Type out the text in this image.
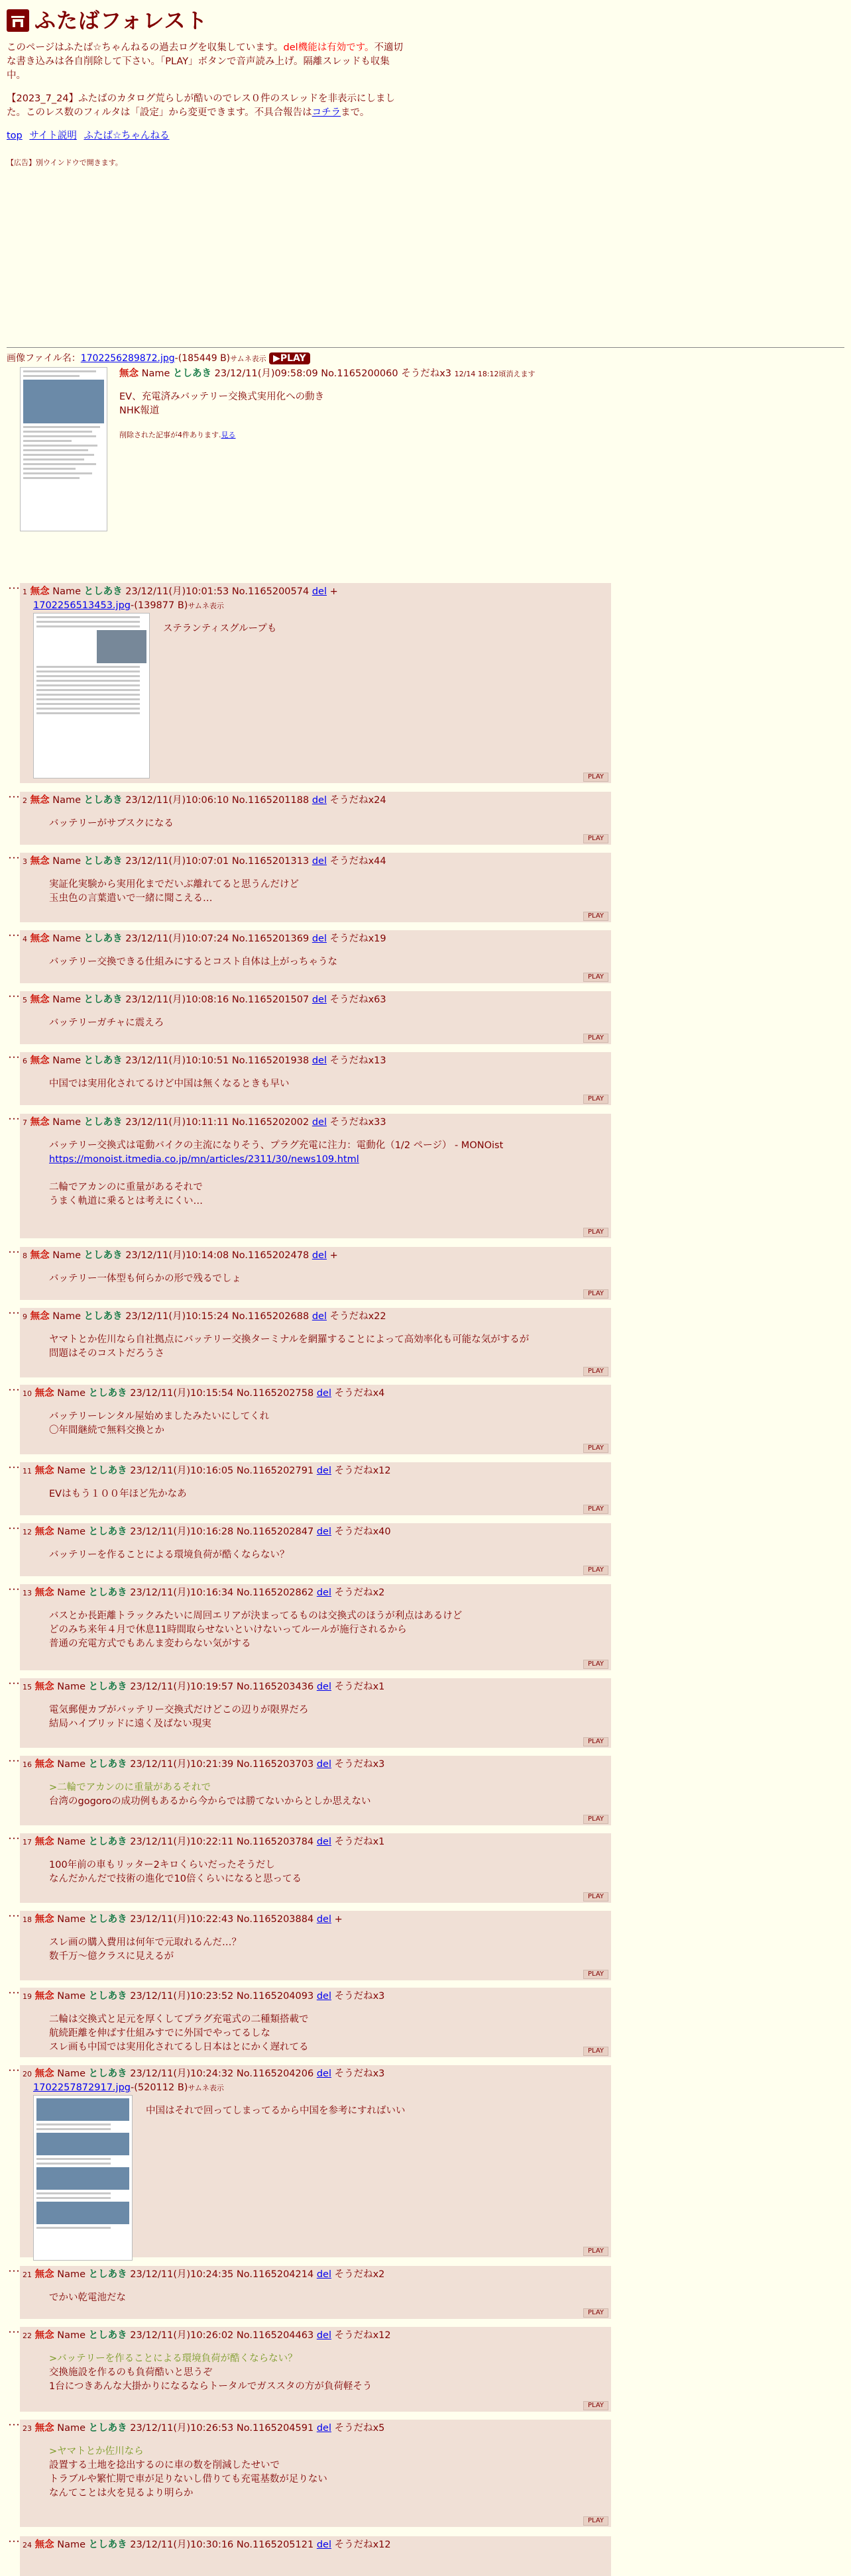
ふたばフォレスト

このページはふたば☆ちゃんねるの過去ログを収集しています。del機能は有効です。不適切な書き込みは各自削除して下さい。「PLAY」ボタンで音声読み上げ。隔離スレッドも収集中。

【2023_7_24】ふたばのカタログ荒らしが酷いのでレス０件のスレッドを非表示にしました。このレス数のフィルタは「設定」から変更できます。不具合報告はコチラまで。

top サイト説明 ふたば☆ちゃんねる

【広告】別ウインドウで開きます。
画像ファイル名：1702256289872.jpg-(185449 B)サムネ表示 ▶PLAY
無念 Name としあき 23/12/11(月)09:58:09 No.1165200060 そうだねx3 12/14 18:12頃消えます
EV、充電済みバッテリー交換式実用化への動き
NHK報道
削除された記事が4件あります.見る
･･･ 1 無念 Name としあき 23/12/11(月)10:01:53 No.1165200574 del +
1702256513453.jpg-(139877 B)サムネ表示
ステランティスグループも
PLAY
･･･ 2 無念 Name としあき 23/12/11(月)10:06:10 No.1165201188 del そうだねx24
バッテリーがサブスクになる
PLAY
･･･ 3 無念 Name としあき 23/12/11(月)10:07:01 No.1165201313 del そうだねx44
実証化実験から実用化までだいぶ離れてると思うんだけど
玉虫色の言葉遣いで一緒に聞こえる…
PLAY
･･･ 4 無念 Name としあき 23/12/11(月)10:07:24 No.1165201369 del そうだねx19
バッテリー交換できる仕組みにするとコスト自体は上がっちゃうな
PLAY
･･･ 5 無念 Name としあき 23/12/11(月)10:08:16 No.1165201507 del そうだねx63
バッテリーガチャに震えろ
PLAY
･･･ 6 無念 Name としあき 23/12/11(月)10:10:51 No.1165201938 del そうだねx13
中国では実用化されてるけど中国は無くなるときも早い
PLAY
･･･ 7 無念 Name としあき 23/12/11(月)10:11:11 No.1165202002 del そうだねx33
バッテリー交換式は電動バイクの主流になりそう、プラグ充電に注力：電動化（1/2 ページ） - MONOist
https://monoist.itmedia.co.jp/mn/articles/2311/30/news109.html

二輪でアカンのに重量があるそれで
うまく軌道に乗るとは考えにくい…
PLAY
･･･ 8 無念 Name としあき 23/12/11(月)10:14:08 No.1165202478 del +
バッテリー一体型も何らかの形で残るでしょ
PLAY
･･･ 9 無念 Name としあき 23/12/11(月)10:15:24 No.1165202688 del そうだねx22
ヤマトとか佐川なら自社拠点にバッテリー交換ターミナルを網羅することによって高効率化も可能な気がするが
問題はそのコストだろうさ
PLAY
･･･ 10 無念 Name としあき 23/12/11(月)10:15:54 No.1165202758 del そうだねx4
バッテリーレンタル屋始めましたみたいにしてくれ
〇年間継続で無料交換とか
PLAY
･･･ 11 無念 Name としあき 23/12/11(月)10:16:05 No.1165202791 del そうだねx12
EVはもう１００年ほど先かなあ
PLAY
･･･ 12 無念 Name としあき 23/12/11(月)10:16:28 No.1165202847 del そうだねx40
バッテリーを作ることによる環境負荷が酷くならない？
PLAY
･･･ 13 無念 Name としあき 23/12/11(月)10:16:34 No.1165202862 del そうだねx2
バスとか長距離トラックみたいに周回エリアが決まってるものは交換式のほうが利点はあるけど
どのみち来年４月で休息11時間取らせないといけないってルールが施行されるから
普通の充電方式でもあんま変わらない気がする
PLAY
･･･ 15 無念 Name としあき 23/12/11(月)10:19:57 No.1165203436 del そうだねx1
電気郵便カブがバッテリー交換式だけどこの辺りが限界だろ
結局ハイブリッドに遠く及ばない現実
PLAY
･･･ 16 無念 Name としあき 23/12/11(月)10:21:39 No.1165203703 del そうだねx3
>二輪でアカンのに重量があるそれで
台湾のgogoroの成功例もあるから今からでは勝てないからとしか思えない
PLAY
･･･ 17 無念 Name としあき 23/12/11(月)10:22:11 No.1165203784 del そうだねx1
100年前の車もリッター2キロくらいだったそうだし
なんだかんだで技術の進化で10倍くらいになると思ってる
PLAY
･･･ 18 無念 Name としあき 23/12/11(月)10:22:43 No.1165203884 del +
スレ画の購入費用は何年で元取れるんだ…？
数千万〜億クラスに見えるが
PLAY
･･･ 19 無念 Name としあき 23/12/11(月)10:23:52 No.1165204093 del そうだねx3
二輪は交換式と足元を厚くしてプラグ充電式の二種類搭載で
航続距離を伸ばす仕組みすでに外国でやってるしな
スレ画も中国では実用化されてるし日本はとにかく遅れてる	PLAY
･･･ 20 無念 Name としあき 23/12/11(月)10:24:32 No.1165204206 del そうだねx3
1702257872917.jpg-(520112 B)サムネ表示
中国はそれで回ってしまってるから中国を参考にすればいい
PLAY
･･･ 21 無念 Name としあき 23/12/11(月)10:24:35 No.1165204214 del そうだねx2
でかい乾電池だな
PLAY
･･･ 22 無念 Name としあき 23/12/11(月)10:26:02 No.1165204463 del そうだねx12
>バッテリーを作ることによる環境負荷が酷くならない？
交換施設を作るのも負荷酷いと思うぞ
1台につきあんな大掛かりになるならトータルでガススタの方が負荷軽そう
PLAY
･･･ 23 無念 Name としあき 23/12/11(月)10:26:53 No.1165204591 del そうだねx5
>ヤマトとか佐川なら
設置する土地を捻出するのに車の数を削減したせいで
トラブルや繁忙期で車が足りないし借りても充電基数が足りない
なんてことは火を見るより明らか
PLAY
･･･ 24 無念 Name としあき 23/12/11(月)10:30:16 No.1165205121 del そうだねx12
